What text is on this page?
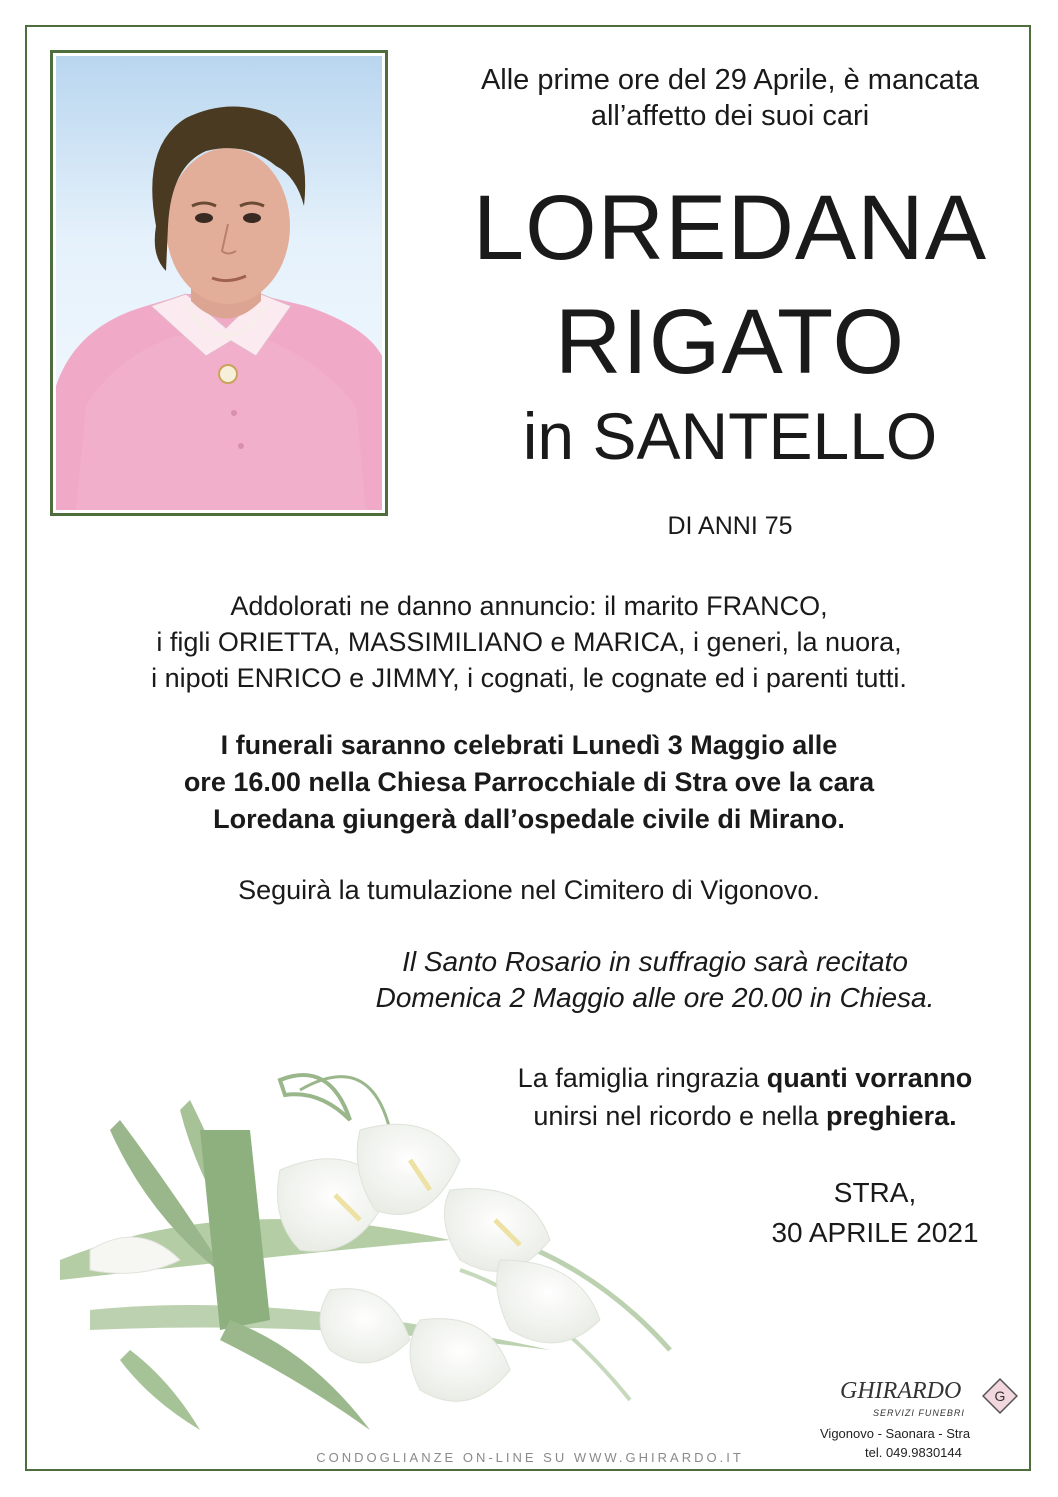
Alle prime ore del 29 Aprile, è mancata
all’affetto dei suoi cari
LOREDANA
RIGATO
in SANTELLO
DI ANNI 75
Addolorati ne danno annuncio: il marito FRANCO,
i figli ORIETTA, MASSIMILIANO e MARICA, i generi, la nuora,
i nipoti ENRICO e JIMMY, i cognati, le cognate ed i parenti tutti.
I funerali saranno celebrati Lunedì 3 Maggio alle
ore 16.00 nella Chiesa Parrocchiale di Stra ove la cara
Loredana giungerà dall’ospedale civile di Mirano.
Seguirà la tumulazione nel Cimitero di Vigonovo.
Il Santo Rosario in suffragio sarà recitato
Domenica 2 Maggio alle ore 20.00 in Chiesa.
La famiglia ringrazia quanti vorranno
unirsi nel ricordo e nella preghiera.
STRA,
30 APRILE 2021
CONDOGLIANZE ON-LINE SU WWW.GHIRARDO.IT
GHIRARDO
SERVIZI FUNEBRI
G
Vigonovo - Saonara - Stra
tel. 049.9830144
